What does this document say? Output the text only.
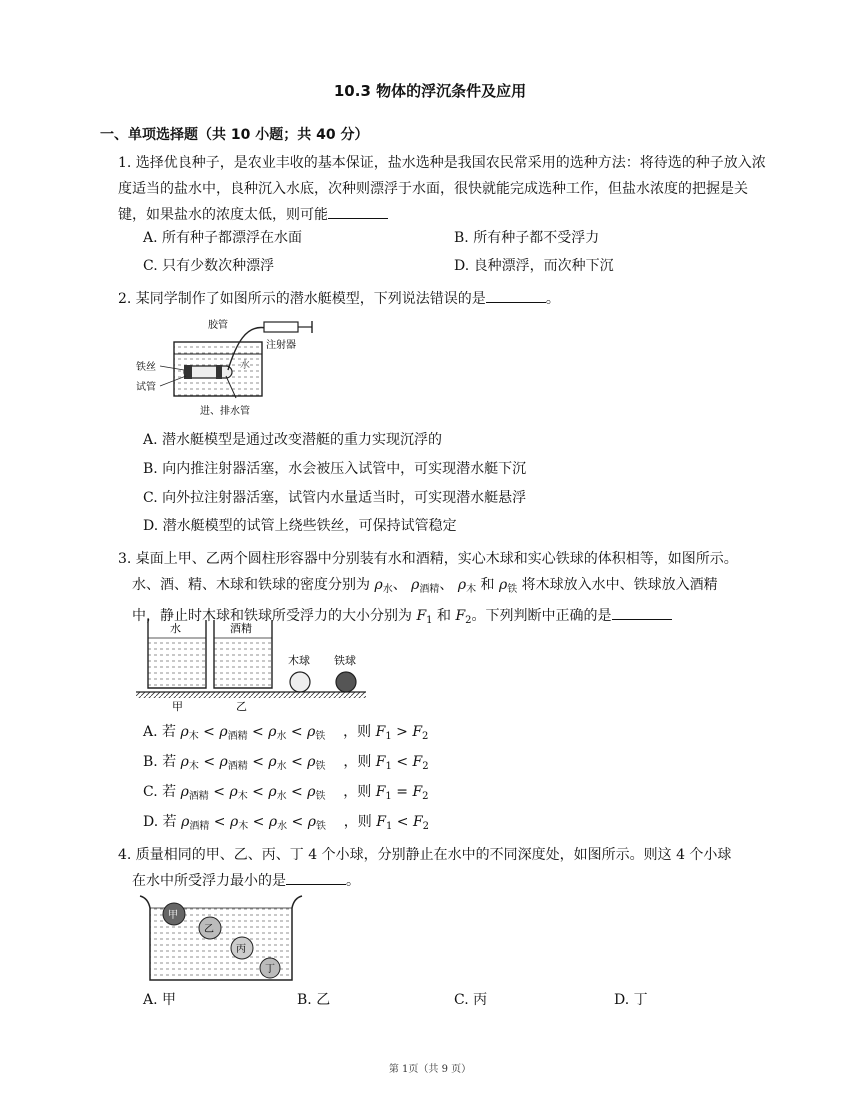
10.3 物体的浮沉条件及应用
一、单项选择题（共 10 小题；共 40 分）
1. 选择优良种子，是农业丰收的基本保证，盐水选种是我国农民常采用的选种方法：将待选的种子放入浓度适当的盐水中，良种沉入水底，次种则漂浮于水面，很快就能完成选种工作，但盐水浓度的把握是关键，如果盐水的浓度太低，则可能
A. 所有种子都漂浮在水面	B. 所有种子都不受浮力
C. 只有少数次种漂浮	D. 良种漂浮，而次种下沉
2. 某同学制作了如图所示的潜水艇模型，下列说法错误的是	。
胶管
注射器
铁丝
试管
水
进、排水管
A. 潜水艇模型是通过改变潜艇的重力实现沉浮的
B. 向内推注射器活塞，水会被压入试管中，可实现潜水艇下沉
C. 向外拉注射器活塞，试管内水量适当时，可实现潜水艇悬浮
D. 潜水艇模型的试管上绕些铁丝，可保持试管稳定
3. 桌面上甲、乙两个圆柱形容器中分别装有水和酒精，实心木球和实心铁球的体积相等，如图所示。
水、酒、精、木球和铁球的密度分别为 $\rho_水$、 $\rho_{酒精}$、 $\rho_木$ 和 $\rho_铁$ 将木球放入水中、铁球放入酒精
中，静止时木球和铁球所受浮力的大小分别为 $F_1$ 和 $F_2$。下列判断中正确的是
水	酒精
木球 铁球
甲	乙
A. 若 $\rho_木 < \rho_{酒精} < \rho_水 < \rho_铁$ ，则 $F_1 > F_2$
B. 若 $\rho_木 < \rho_{酒精} < \rho_水 < \rho_铁$ ，则 $F_1 < F_2$
C. 若 $\rho_{酒精} < \rho_木 < \rho_水 < \rho_铁$ ，则 $F_1 = F_2$
D. 若 $\rho_{酒精} < \rho_木 < \rho_水 < \rho_铁$ ，则 $F_1 < F_2$
4. 质量相同的甲、乙、丙、丁 4 个小球，分别静止在水中的不同深度处，如图所示。则这 4 个小球
在水中所受浮力最小的是	。
甲
乙
丙
丁
A. 甲	B. 乙	C. 丙	D. 丁
第 1页（共 9 页）
